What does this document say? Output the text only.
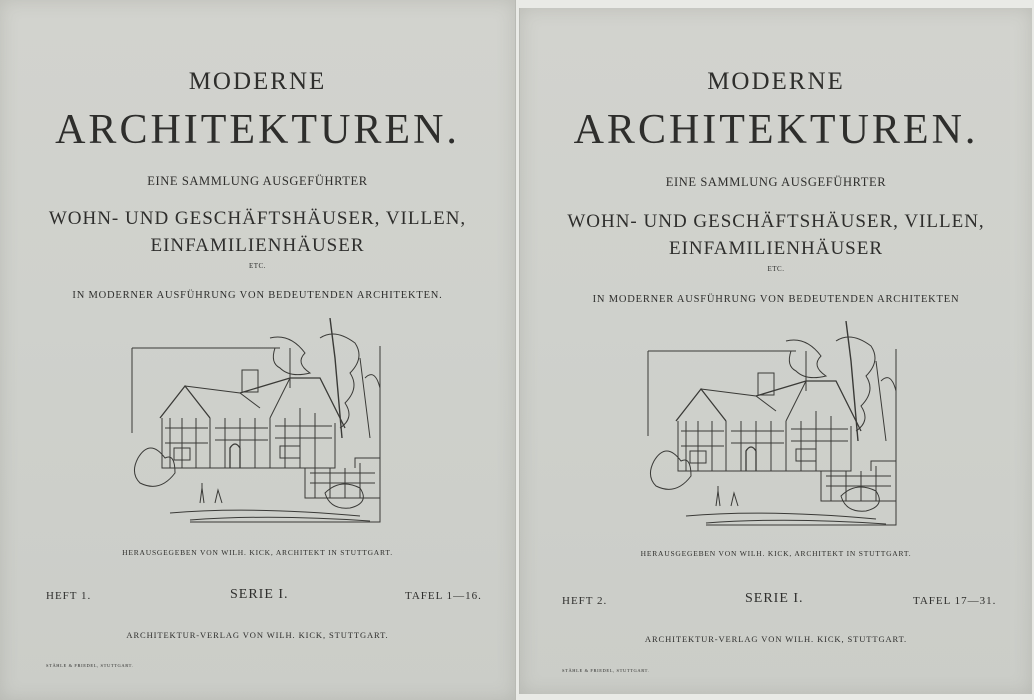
MODERNE
ARCHITEKTUREN.
EINE SAMMLUNG AUSGEFÜHRTER
WOHN- UND GESCHÄFTSHÄUSER, VILLEN,
EINFAMILIENHÄUSER
ETC.
IN MODERNER AUSFÜHRUNG VON BEDEUTENDEN ARCHITEKTEN.
HERAUSGEGEBEN VON WILH. KICK, ARCHITEKT IN STUTTGART.
HEFT 1.	SERIE I.	TAFEL 1—16.
ARCHITEKTUR-VERLAG VON WILH. KICK, STUTTGART.
STÄHLE & FRIEDEL, STUTTGART.
MODERNE
ARCHITEKTUREN.
EINE SAMMLUNG AUSGEFÜHRTER
WOHN- UND GESCHÄFTSHÄUSER, VILLEN,
EINFAMILIENHÄUSER
ETC.
IN MODERNER AUSFÜHRUNG VON BEDEUTENDEN ARCHITEKTEN
HERAUSGEGEBEN VON WILH. KICK, ARCHITEKT IN STUTTGART.
HEFT 2.	SERIE I.	TAFEL 17—31.
ARCHITEKTUR-VERLAG VON WILH. KICK, STUTTGART.
STÄHLE & FRIEDEL, STUTTGART.
